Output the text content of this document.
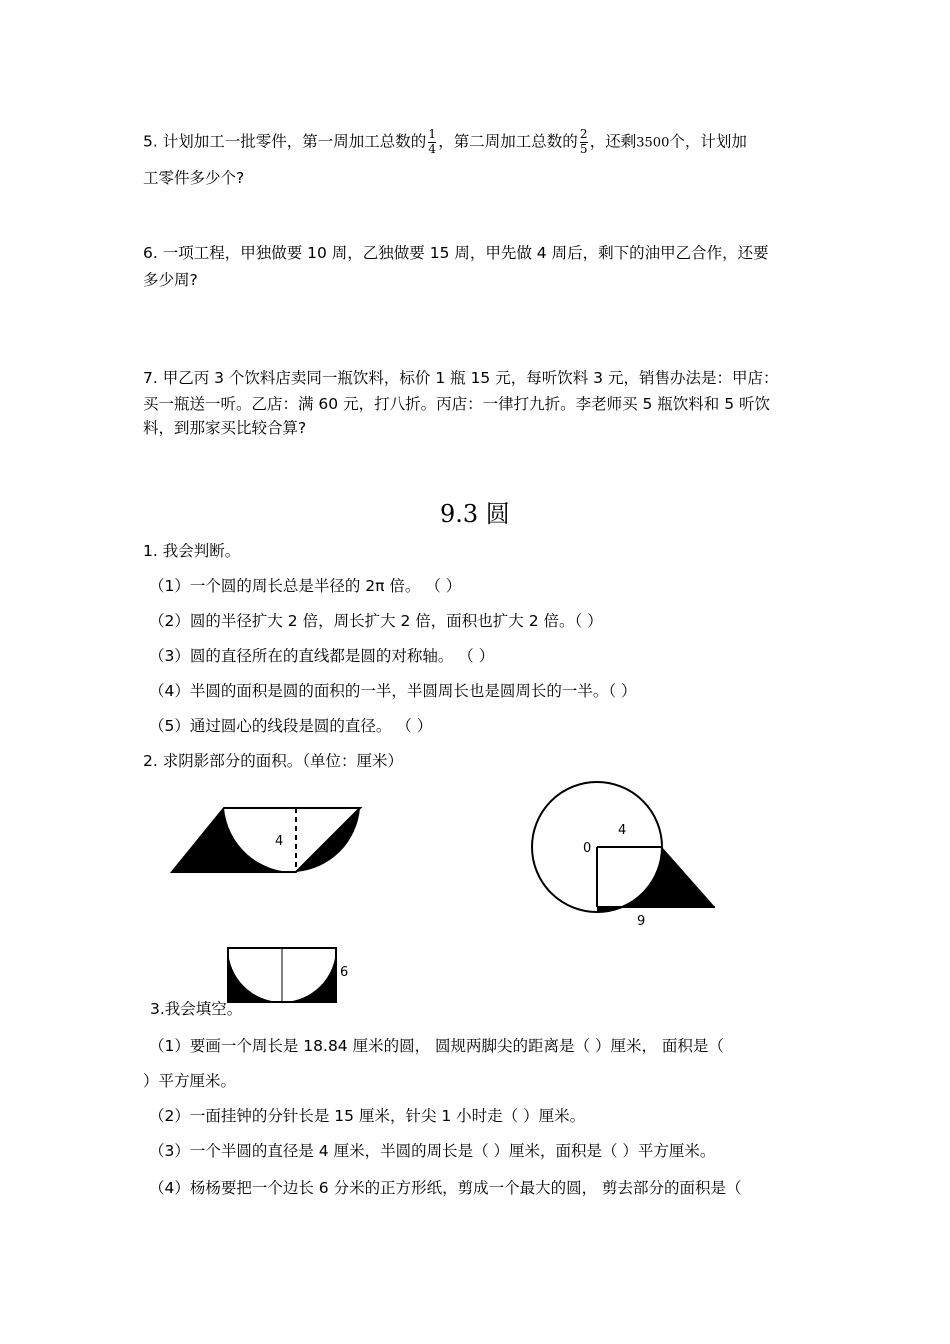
5. 计划加工一批零件，第一周加工总数的 $\frac{1}{4}$ ，第二周加工总数的 $\frac{2}{5}$ ，还剩3500个，计划加
工零件多少个?
6. 一项工程，甲独做要 10 周，乙独做要 15 周，甲先做 4 周后，剩下的油甲乙合作，还要
多少周?
7. 甲乙丙 3 个饮料店卖同一瓶饮料，标价 1 瓶 15 元，每听饮料 3 元，销售办法是：甲店：
买一瓶送一听。乙店：满 60 元，打八折。丙店：一律打九折。李老师买 5 瓶饮料和 5 听饮
料，到那家买比较合算?
9.3 圆
1. 我会判断。
（1）一个圆的周长总是半径的 2π 倍。 （ ）
（2）圆的半径扩大 2 倍，周长扩大 2 倍，面积也扩大 2 倍。（ ）
（3）圆的直径所在的直线都是圆的对称轴。 （ ）
（4）半圆的面积是圆的面积的一半，半圆周长也是圆周长的一半。（ ）
（5）通过圆心的线段是圆的直径。 （ ）
2. 求阴影部分的面积。（单位：厘米）
4
4
0
9
6
3.我会填空。
（1）要画一个周长是 18.84 厘米的圆， 圆规两脚尖的距离是（ ）厘米， 面积是（
）平方厘米。
（2）一面挂钟的分针长是 15 厘米，针尖 1 小时走（ ）厘米。
（3）一个半圆的直径是 4 厘米，半圆的周长是（ ）厘米，面积是（ ）平方厘米。
（4）杨杨要把一个边长 6 分米的正方形纸，剪成一个最大的圆， 剪去部分的面积是（
